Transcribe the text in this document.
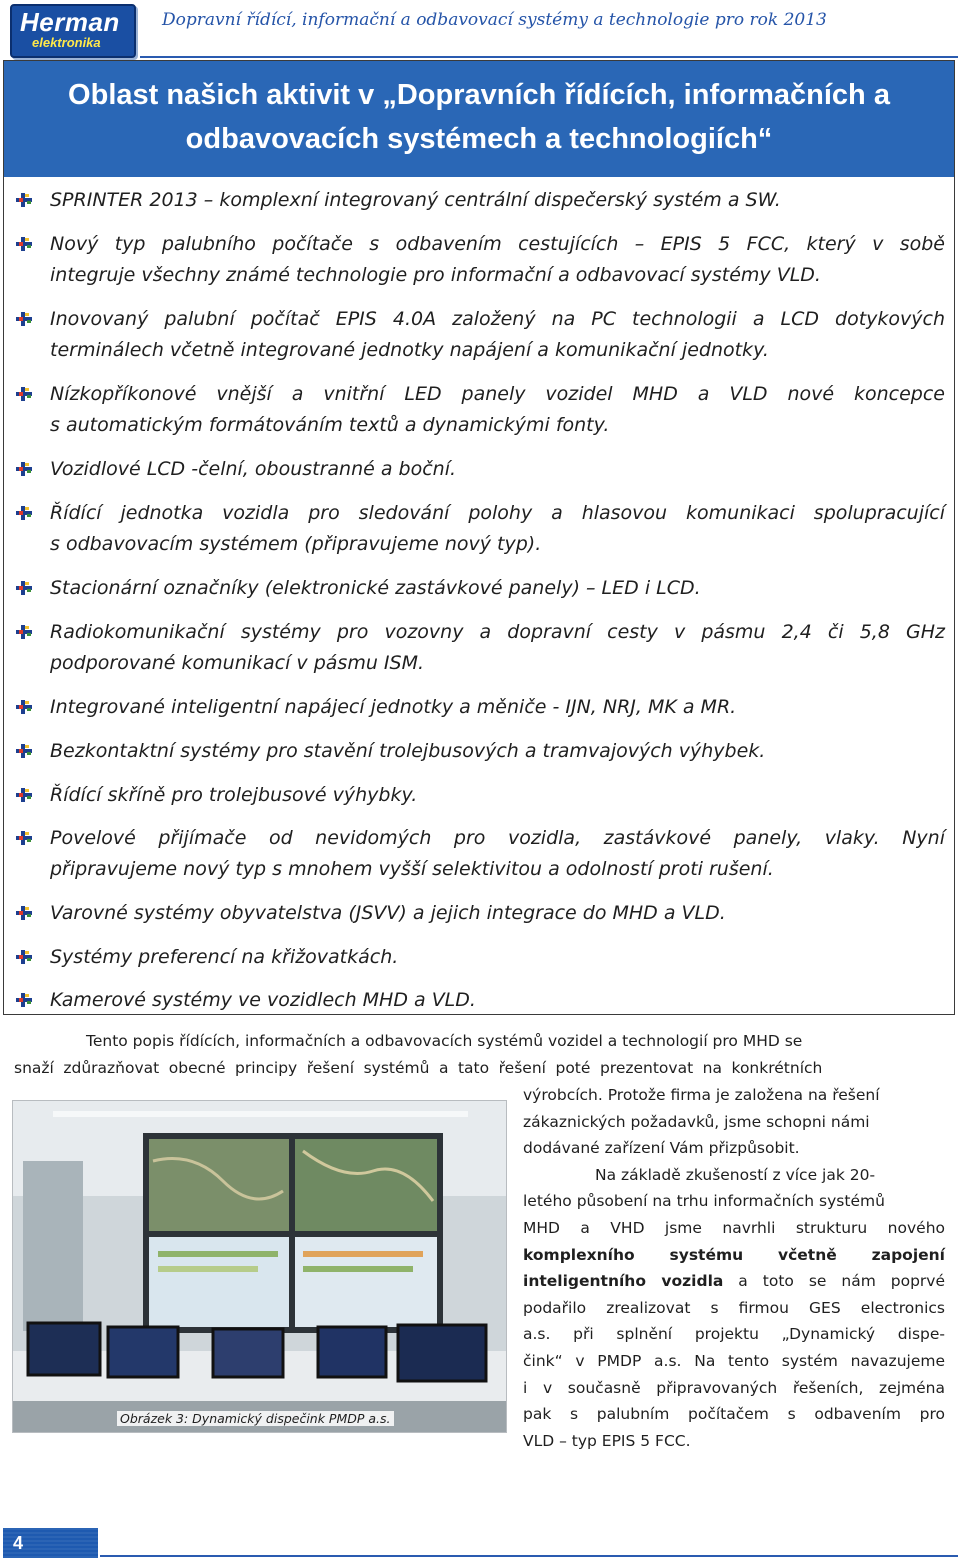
Herman
elektronika
Dopravní řídící, informační a odbavovací systémy a technologie pro rok 2013
Oblast našich aktivit v „Dopravních řídících, informačních a
odbavovacích systémech a technologiích“
SPRINTER 2013 – komplexní integrovaný centrální dispečerský systém a SW.
Nový typ palubního počítače s odbavením cestujících – EPIS 5 FCC, který v sobě
integruje všechny známé technologie pro informační a odbavovací systémy VLD.
Inovovaný palubní počítač EPIS 4.0A založený na PC technologii a LCD dotykových
terminálech včetně integrované jednotky napájení a komunikační jednotky.
Nízkopříkonové vnější a vnitřní LED panely vozidel MHD a VLD nové koncepce
s automatickým formátováním textů a dynamickými fonty.
Vozidlové LCD -čelní, oboustranné a boční.
Řídící jednotka vozidla pro sledování polohy a hlasovou komunikaci spolupracující
s odbavovacím systémem (připravujeme nový typ).
Stacionární označníky (elektronické zastávkové panely) – LED i LCD.
Radiokomunikační systémy pro vozovny a dopravní cesty v pásmu 2,4 či 5,8 GHz
podporované komunikací v pásmu ISM.
Integrované inteligentní napájecí jednotky a měniče - IJN, NRJ, MK a MR.
Bezkontaktní systémy pro stavění trolejbusových a tramvajových výhybek.
Řídící skříně pro trolejbusové výhybky.
Povelové přijímače od nevidomých pro vozidla, zastávkové panely, vlaky. Nyní
připravujeme nový typ s mnohem vyšší selektivitou a odolností proti rušení.
Varovné systémy obyvatelstva (JSVV) a jejich integrace do MHD a VLD.
Systémy preferencí na křižovatkách.
Kamerové systémy ve vozidlech MHD a VLD.
Tento popis řídících, informačních a odbavovacích systémů vozidel a technologií pro MHD se
snaží zdůrazňovat obecné principy řešení systémů a tato řešení poté prezentovat na konkrétních
Obrázek 3: Dynamický dispečink PMDP a.s.
výrobcích. Protože firma je založena na řešení
zákaznických požadavků, jsme schopni námi
dodávané zařízení Vám přizpůsobit.
Na základě zkušeností z více jak 20-
letého působení na trhu informačních systémů
MHD a VHD jsme navrhli strukturu nového
komplexního systému včetně zapojení
inteligentního vozidla a toto se nám poprvé
podařilo zrealizovat s firmou GES electronics
a.s. při splnění projektu „Dynamický dispe-
čink“ v PMDP a.s. Na tento systém navazujeme
i v současně připravovaných řešeních, zejména
pak s palubním počítačem s odbavením pro
VLD – typ EPIS 5 FCC.
4
